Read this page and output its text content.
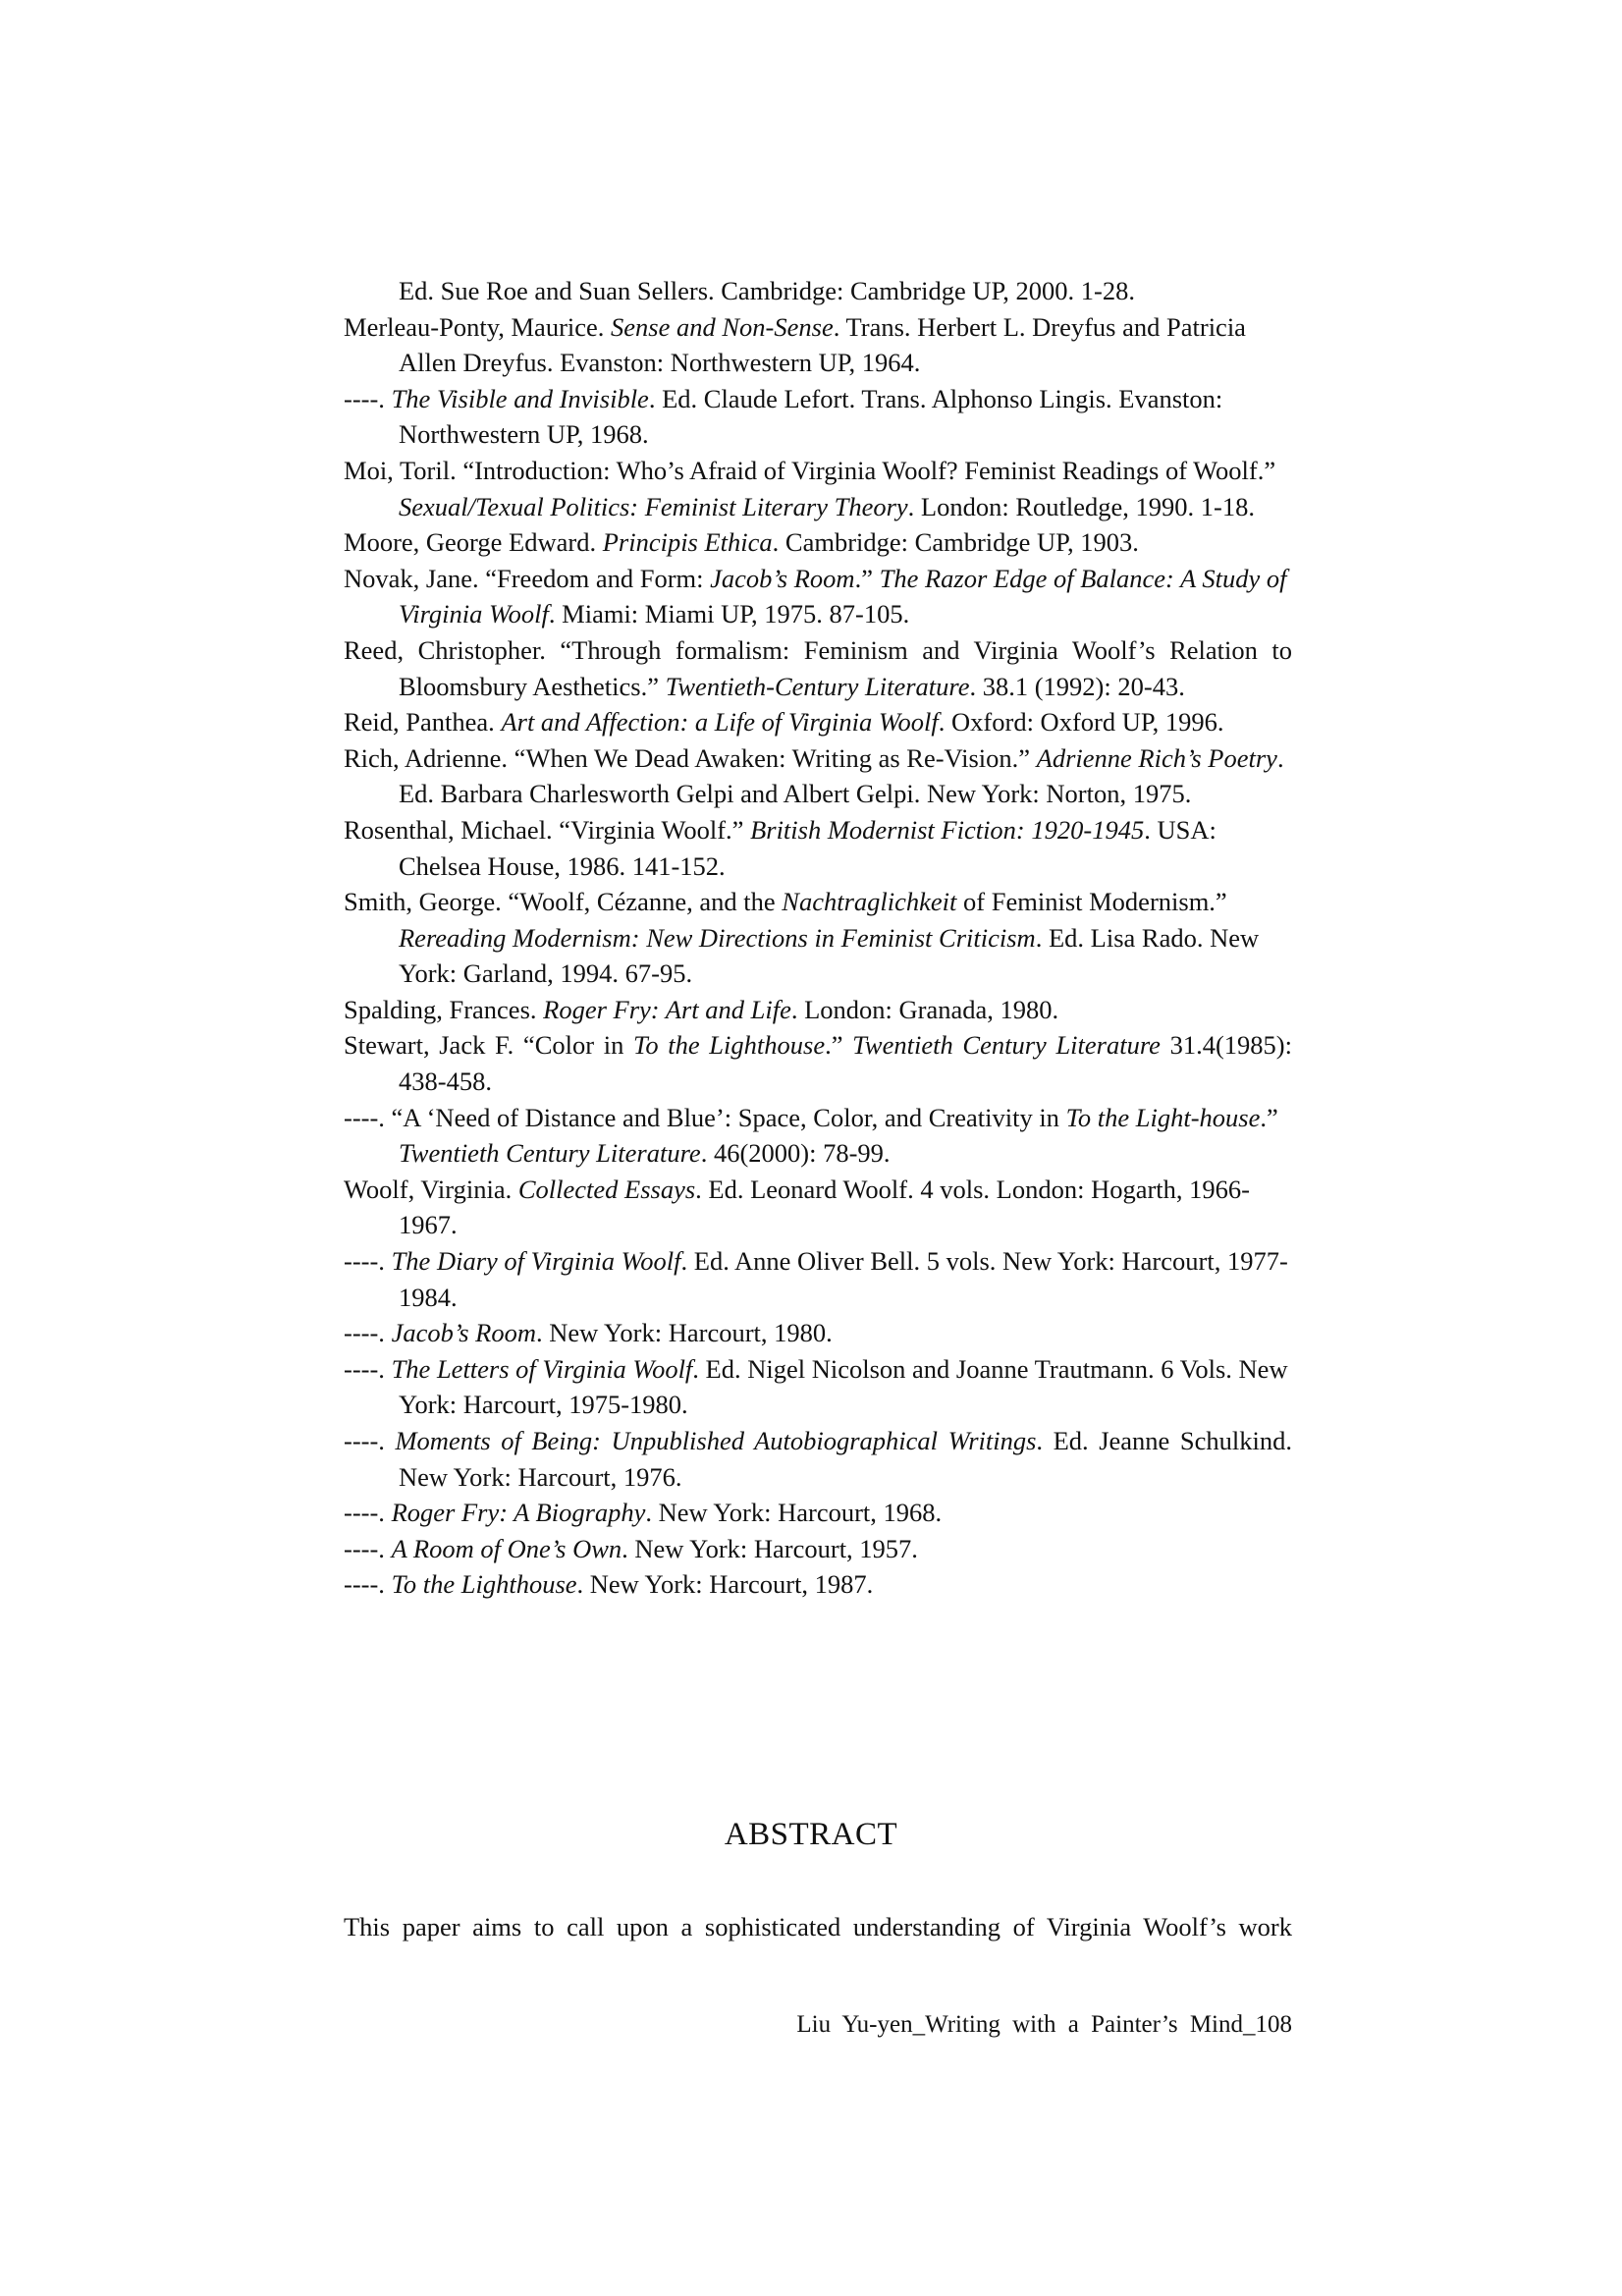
Ed. Sue Roe and Suan Sellers. Cambridge: Cambridge UP, 2000. 1-28.

Merleau-Ponty, Maurice. Sense and Non-Sense. Trans. Herbert L. Dreyfus and Patricia Allen Dreyfus. Evanston: Northwestern UP, 1964.

----. The Visible and Invisible. Ed. Claude Lefort. Trans. Alphonso Lingis. Evanston: Northwestern UP, 1968.

Moi, Toril. “Introduction: Who’s Afraid of Virginia Woolf? Feminist Readings of Woolf.” Sexual/Texual Politics: Feminist Literary Theory. London: Routledge, 1990. 1-18.

Moore, George Edward. Principis Ethica. Cambridge: Cambridge UP, 1903.

Novak, Jane. “Freedom and Form: Jacob’s Room.” The Razor Edge of Balance: A Study of Virginia Woolf. Miami: Miami UP, 1975. 87-105.

Reed, Christopher. “Through formalism: Feminism and Virginia Woolf’s Relation to Bloomsbury Aesthetics.” Twentieth-Century Literature. 38.1 (1992): 20-43.

Reid, Panthea. Art and Affection: a Life of Virginia Woolf. Oxford: Oxford UP, 1996.

Rich, Adrienne. “When We Dead Awaken: Writing as Re-Vision.” Adrienne Rich’s Poetry. Ed. Barbara Charlesworth Gelpi and Albert Gelpi. New York: Norton, 1975.

Rosenthal, Michael. “Virginia Woolf.” British Modernist Fiction: 1920-1945. USA: Chelsea House, 1986. 141-152.

Smith, George. “Woolf, Cézanne, and the Nachtraglichkeit of Feminist Modernism.” Rereading Modernism: New Directions in Feminist Criticism. Ed. Lisa Rado. New York: Garland, 1994. 67-95.

Spalding, Frances. Roger Fry: Art and Life. London: Granada, 1980.

Stewart, Jack F. “Color in To the Lighthouse.” Twentieth Century Literature 31.4(1985): 438-458.

----. “A ‘Need of Distance and Blue’: Space, Color, and Creativity in To the Light-house.” Twentieth Century Literature. 46(2000): 78-99.

Woolf, Virginia. Collected Essays. Ed. Leonard Woolf. 4 vols. London: Hogarth, 1966-1967.

----. The Diary of Virginia Woolf. Ed. Anne Oliver Bell. 5 vols. New York: Harcourt, 1977-1984.

----. Jacob’s Room. New York: Harcourt, 1980.

----. The Letters of Virginia Woolf. Ed. Nigel Nicolson and Joanne Trautmann. 6 Vols. New York: Harcourt, 1975-1980.

----. Moments of Being: Unpublished Autobiographical Writings. Ed. Jeanne Schulkind. New York: Harcourt, 1976.

----. Roger Fry: A Biography. New York: Harcourt, 1968.

----. A Room of One’s Own. New York: Harcourt, 1957.

----. To the Lighthouse. New York: Harcourt, 1987.

ABSTRACT
This paper aims to call upon a sophisticated understanding of Virginia Woolf’s work
Liu Yu-yen_Writing with a Painter’s Mind_108
